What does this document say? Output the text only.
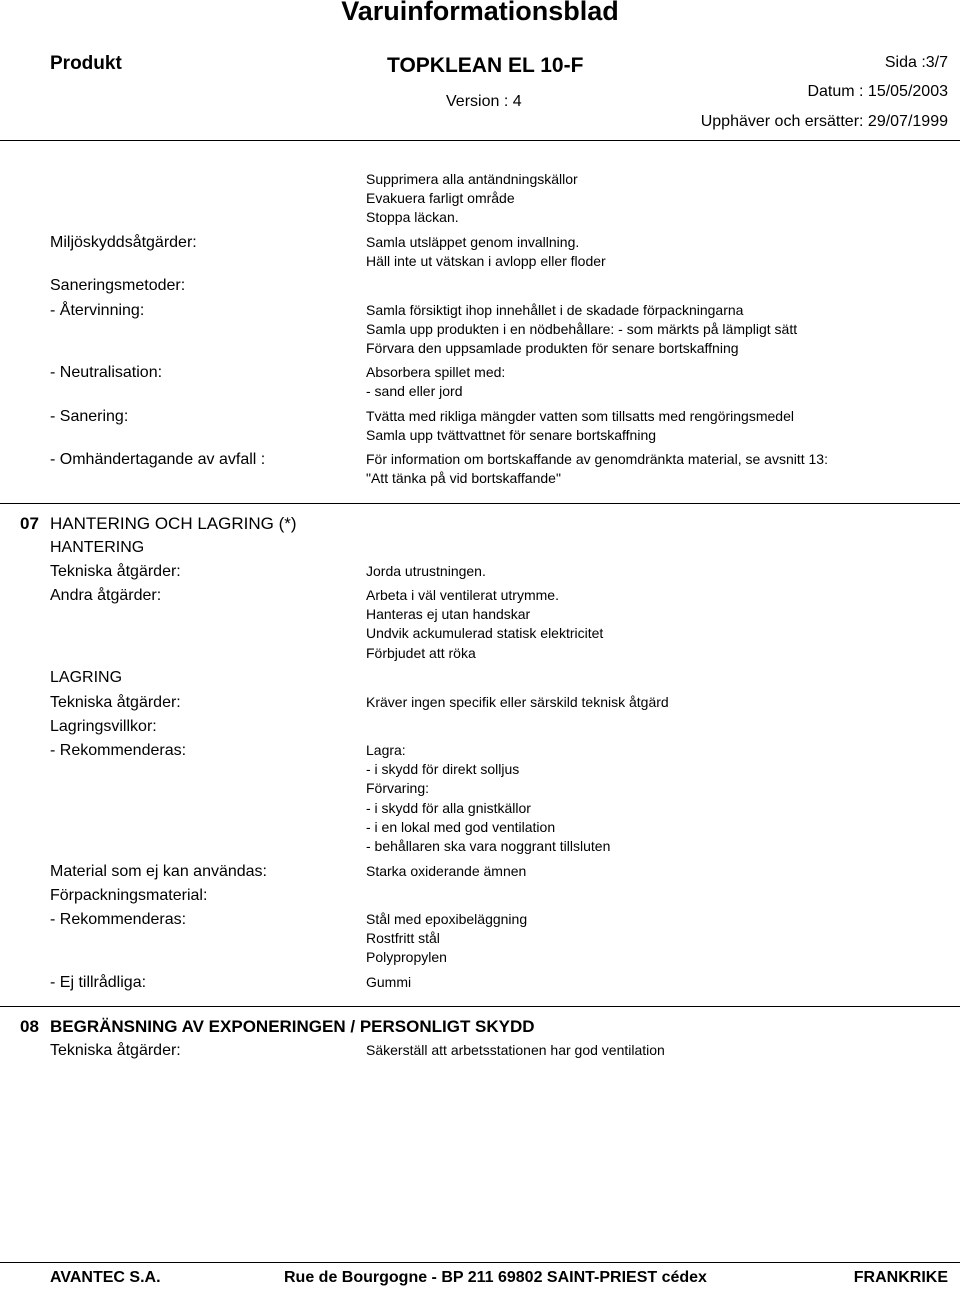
Varuinformationsblad
Produkt	TOPKLEAN EL 10-F	Sida :3/7
Version : 4
Datum : 15/05/2003
Upphäver och ersätter: 29/07/1999
Supprimera alla antändningskällor
Evakuera farligt område
Stoppa läckan.
Miljöskyddsåtgärder:	Samla utsläppet genom invallning.
Häll inte ut vätskan i avlopp eller floder
Saneringsmetoder:
- Återvinning:	Samla försiktigt ihop innehållet i de skadade förpackningarna
Samla upp produkten i en nödbehållare: - som märkts på lämpligt sätt
Förvara den uppsamlade produkten för senare bortskaffning
- Neutralisation:	Absorbera spillet med:
- sand eller jord
- Sanering:	Tvätta med rikliga mängder vatten som tillsatts med rengöringsmedel
Samla upp tvättvattnet för senare bortskaffning
- Omhändertagande av avfall :	För information om bortskaffande av genomdränkta material, se avsnitt 13:
"Att tänka på vid bortskaffande"
07 HANTERING OCH LAGRING (*)
HANTERING
Tekniska åtgärder:	Jorda utrustningen.
Andra åtgärder:	Arbeta i väl ventilerat utrymme.
Hanteras ej utan handskar
Undvik ackumulerad statisk elektricitet
Förbjudet att röka
LAGRING
Tekniska åtgärder:	Kräver ingen specifik eller särskild teknisk åtgärd
Lagringsvillkor:
- Rekommenderas:	Lagra:
- i skydd för direkt solljus
Förvaring:
- i skydd för alla gnistkällor
- i en lokal med god ventilation
- behållaren ska vara noggrant tillsluten
Material som ej kan användas:	Starka oxiderande ämnen
Förpackningsmaterial:
- Rekommenderas:	Stål med epoxibeläggning
Rostfritt stål
Polypropylen
- Ej tillrådliga:	Gummi
08 BEGRÄNSNING AV EXPONERINGEN / PERSONLIGT SKYDD
Tekniska åtgärder:	Säkerställ att arbetsstationen har god ventilation
AVANTEC S.A.	Rue de Bourgogne - BP 211 69802 SAINT-PRIEST cédex	FRANKRIKE
